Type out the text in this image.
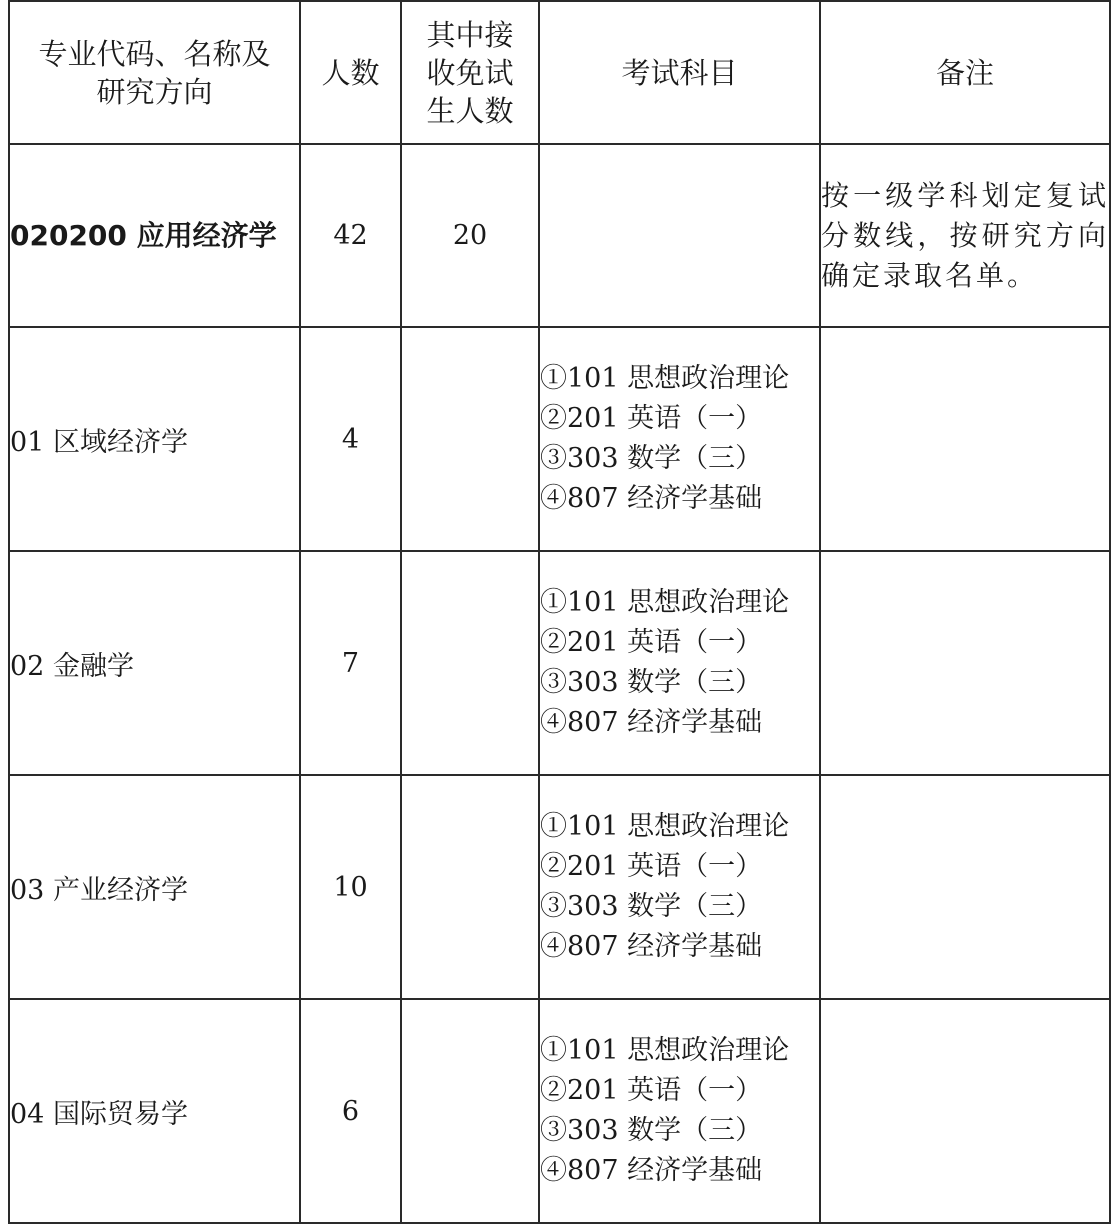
专业代码、名称及研究方向	人数	其中接收免试生人数	考试科目	备注
020200 应用经济学	42	20		按一级学科划定复试分数线，按研究方向确定录取名单。
01 区域经济学	4		①101 思想政治理论
②201 英语（一）
③303 数学（三）
④807 经济学基础	

02 金融学	7		①101 思想政治理论
②201 英语（一）
③303 数学（三）
④807 经济学基础	

03 产业经济学	10		①101 思想政治理论
②201 英语（一）
③303 数学（三）
④807 经济学基础	

04 国际贸易学	6		①101 思想政治理论
②201 英语（一）
③303 数学（三）
④807 经济学基础	
